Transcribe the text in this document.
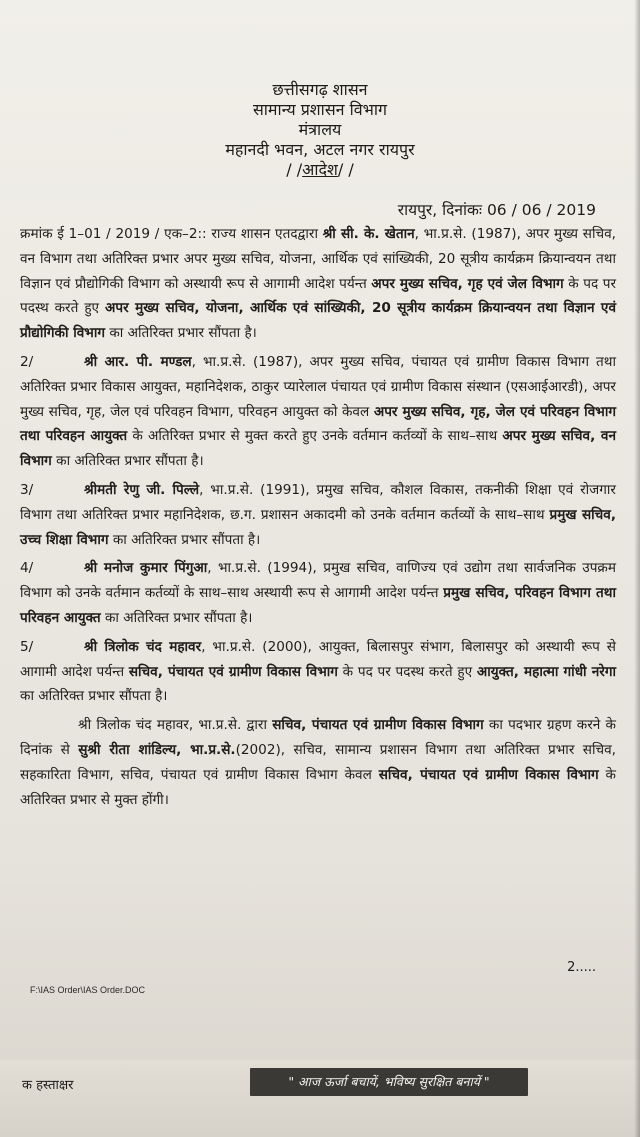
छत्तीसगढ़ शासन
सामान्य प्रशासन विभाग
मंत्रालय
महानदी भवन, अटल नगर रायपुर
/ /आदेश/ /
रायपुर, दिनांकः 06 / 06 / 2019

क्रमांक ई 1–01 / 2019 / एक–2:: राज्य शासन एतदद्वारा श्री सी. के. खेतान, भा.प्र.से. (1987), अपर मुख्य सचिव, वन विभाग तथा अतिरिक्त प्रभार अपर मुख्य सचिव, योजना, आर्थिक एवं सांख्यिकी, 20 सूत्रीय कार्यक्रम क्रियान्वयन तथा विज्ञान एवं प्रौद्योगिकी विभाग को अस्थायी रूप से आगामी आदेश पर्यन्त अपर मुख्य सचिव, गृह एवं जेल विभाग के पद पर पदस्थ करते हुए अपर मुख्य सचिव, योजना, आर्थिक एवं सांख्यिकी, 20 सूत्रीय कार्यक्रम क्रियान्वयन तथा विज्ञान एवं प्रौद्योगिकी विभाग का अतिरिक्त प्रभार सौंपता है।

2/	श्री आर. पी. मण्डल, भा.प्र.से. (1987), अपर मुख्य सचिव, पंचायत एवं ग्रामीण विकास विभाग तथा अतिरिक्त प्रभार विकास आयुक्त, महानिदेशक, ठाकुर प्यारेलाल पंचायत एवं ग्रामीण विकास संस्थान (एसआईआरडी), अपर मुख्य सचिव, गृह, जेल एवं परिवहन विभाग, परिवहन आयुक्त को केवल अपर मुख्य सचिव, गृह, जेल एवं परिवहन विभाग तथा परिवहन आयुक्त के अतिरिक्त प्रभार से मुक्त करते हुए उनके वर्तमान कर्तव्यों के साथ–साथ अपर मुख्य सचिव, वन विभाग का अतिरिक्त प्रभार सौंपता है।

3/	श्रीमती रेणु जी. पिल्ले, भा.प्र.से. (1991), प्रमुख सचिव, कौशल विकास, तकनीकी शिक्षा एवं रोजगार विभाग तथा अतिरिक्त प्रभार महानिदेशक, छ.ग. प्रशासन अकादमी को उनके वर्तमान कर्तव्यों के साथ–साथ प्रमुख सचिव, उच्च शिक्षा विभाग का अतिरिक्त प्रभार सौंपता है।

4/	श्री मनोज कुमार पिंगुआ, भा.प्र.से. (1994), प्रमुख सचिव, वाणिज्य एवं उद्योग तथा सार्वजनिक उपक्रम विभाग को उनके वर्तमान कर्तव्यों के साथ–साथ अस्थायी रूप से आगामी आदेश पर्यन्त प्रमुख सचिव, परिवहन विभाग तथा परिवहन आयुक्त का अतिरिक्त प्रभार सौंपता है।

5/	श्री त्रिलोक चंद महावर, भा.प्र.से. (2000), आयुक्त, बिलासपुर संभाग, बिलासपुर को अस्थायी रूप से आगामी आदेश पर्यन्त सचिव, पंचायत एवं ग्रामीण विकास विभाग के पद पर पदस्थ करते हुए आयुक्त, महात्मा गांधी नरेगा का अतिरिक्त प्रभार सौंपता है।

श्री त्रिलोक चंद महावर, भा.प्र.से. द्वारा सचिव, पंचायत एवं ग्रामीण विकास विभाग का पदभार ग्रहण करने के दिनांक से सुश्री रीता शांडिल्य, भा.प्र.से.(2002), सचिव, सामान्य प्रशासन विभाग तथा अतिरिक्त प्रभार सचिव, सहकारिता विभाग, सचिव, पंचायत एवं ग्रामीण विकास विभाग केवल सचिव, पंचायत एवं ग्रामीण विकास विभाग के अतिरिक्त प्रभार से मुक्त होंगी।

2.....
F:\IAS Order\IAS Order.DOC
क हस्ताक्षर	" आज ऊर्जा बचायें, भविष्य सुरक्षित बनायें "
